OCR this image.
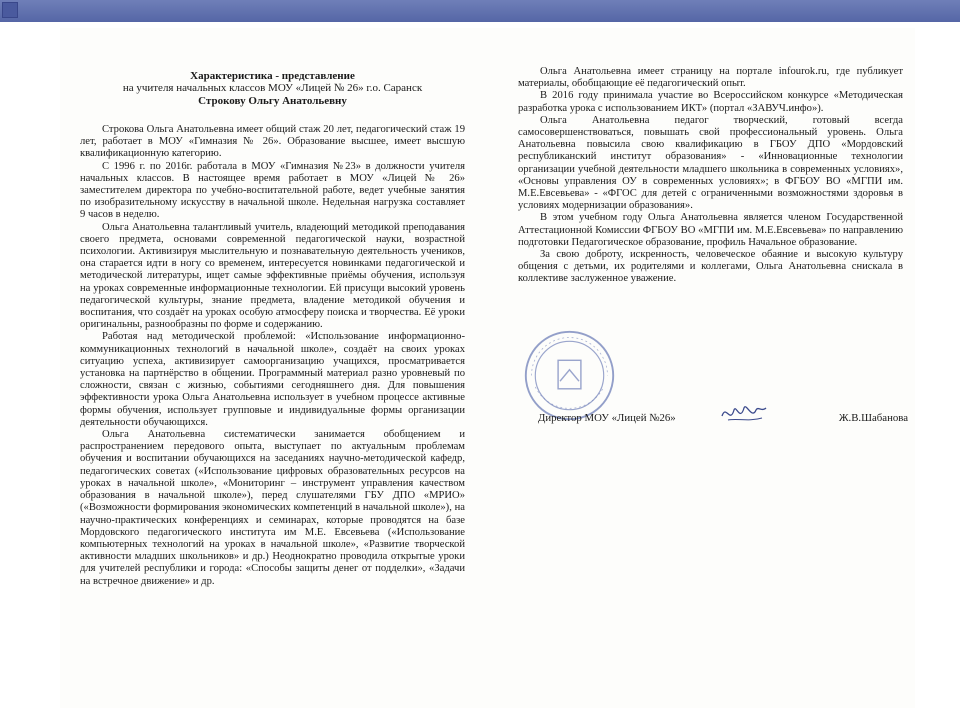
Характеристика - представление
на учителя начальных классов МОУ «Лицей № 26» г.о. Саранск
Строкову Ольгу Анатольевну

Строкова Ольга Анатольевна имеет общий стаж 20 лет, педагогический стаж 19 лет, работает в МОУ «Гимназия № 26». Образование высшее, имеет высшую квалификационную категорию.

С 1996 г. по 2016г. работала в МОУ «Гимназия №23» в должности учителя начальных классов. В настоящее время работает в МОУ «Лицей № 26» заместителем директора по учебно-воспитательной работе, ведет учебные занятия по изобразительному искусству в начальной школе. Недельная нагрузка составляет 9 часов в неделю.

Ольга Анатольевна талантливый учитель, владеющий методикой преподавания своего предмета, основами современной педагогической науки, возрастной психологии. Активизируя мыслительную и познавательную деятельность учеников, она старается идти в ногу со временем, интересуется новинками педагогической и методической литературы, ищет самые эффективные приёмы обучения, используя на уроках современные информационные технологии. Ей присущи высокий уровень педагогической культуры, знание предмета, владение методикой обучения и воспитания, что создаёт на уроках особую атмосферу поиска и творчества. Её уроки оригинальны, разнообразны по форме и содержанию.

Работая над методической проблемой: «Использование информационно-коммуникационных технологий в начальной школе», создаёт на своих уроках ситуацию успеха, активизирует самоорганизацию учащихся, просматривается установка на партнёрство в общении. Программный материал разно уровневый по сложности, связан с жизнью, событиями сегодняшнего дня. Для повышения эффективности урока Ольга Анатольевна использует в учебном процессе активные формы обучения, использует групповые и индивидуальные формы организации деятельности обучающихся.

Ольга Анатольевна систематически занимается обобщением и распространением передового опыта, выступает по актуальным проблемам обучения и воспитании обучающихся на заседаниях научно-методической кафедр, педагогических советах («Использование цифровых образовательных ресурсов на уроках в начальной школе», «Мониторинг – инструмент управления качеством образования в начальной школе»), перед слушателями ГБУ ДПО «МРИО» («Возможности формирования экономических компетенций в начальной школе»), на научно-практических конференциях и семинарах, которые проводятся на базе Мордовского педагогического института им М.Е. Евсевьева («Использование компьютерных технологий на уроках в начальной школе», «Развитие творческой активности младших школьников» и др.) Неоднократно проводила открытые уроки для учителей республики и города: «Способы защиты денег от подделки», «Задачи на встречное движение» и др.

Ольга Анатольевна имеет страницу на портале infourok.ru, где публикует материалы, обобщающие её педагогический опыт.

В 2016 году принимала участие во Всероссийском конкурсе «Методическая разработка урока с использованием ИКТ» (портал «ЗАВУЧ.инфо»).

Ольга Анатольевна педагог творческий, готовый всегда самосовершенствоваться, повышать свой профессиональный уровень. Ольга Анатольевна повысила свою квалификацию в ГБОУ ДПО «Мордовский республиканский институт образования» - «Инновационные технологии организации учебной деятельности младшего школьника в современных условиях», «Основы управления ОУ в современных условиях»; в ФГБОУ ВО «МГПИ им. М.Е.Евсевьева» - «ФГОС для детей с ограниченными возможностями здоровья в условиях модернизации образования».

В этом учебном году Ольга Анатольевна является членом Государственной Аттестационной Комиссии ФГБОУ ВО «МГПИ им. М.Е.Евсевьева» по направлению подготовки Педагогическое образование, профиль Начальное образование.

За свою доброту, искренность, человеческое обаяние и высокую культуру общения с детьми, их родителями и коллегами, Ольга Анатольевна снискала в коллективе заслуженное уважение.

Директор МОУ «Лицей №26»	Ж.В.Шабанова
